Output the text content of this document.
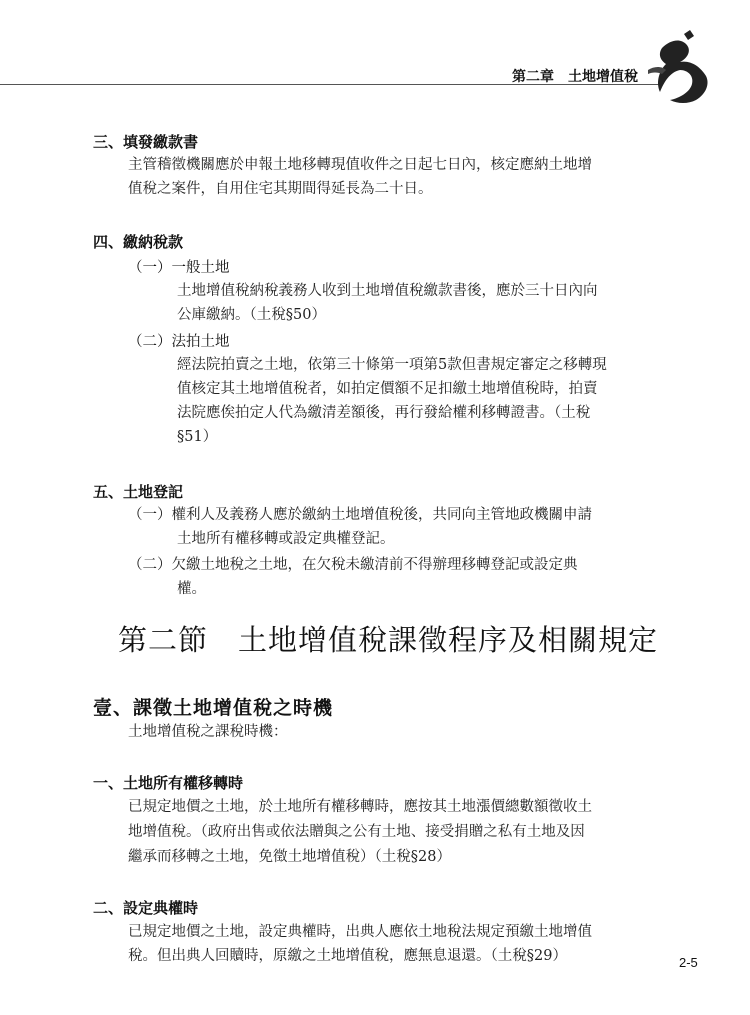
第二章　土地增值稅
三、填發繳款書
主管稽徵機關應於申報土地移轉現值收件之日起七日內，核定應納土地增
值稅之案件，自用住宅其期間得延長為二十日。
四、繳納稅款
（一）一般土地
土地增值稅納稅義務人收到土地增值稅繳款書後，應於三十日內向
公庫繳納。（土稅§50）
（二）法拍土地
經法院拍賣之土地，依第三十條第一項第5款但書規定審定之移轉現
值核定其土地增值稅者，如拍定價額不足扣繳土地增值稅時，拍賣
法院應俟拍定人代為繳清差額後，再行發給權利移轉證書。（土稅
§51）
五、土地登記
（一）權利人及義務人應於繳納土地增值稅後，共同向主管地政機關申請
土地所有權移轉或設定典權登記。
（二）欠繳土地稅之土地，在欠稅未繳清前不得辦理移轉登記或設定典
權。
第二節　土地增值稅課徵程序及相關規定
壹、課徵土地增值稅之時機
土地增值稅之課稅時機：
一、土地所有權移轉時
已規定地價之土地，於土地所有權移轉時，應按其土地漲價總數額徵收土
地增值稅。（政府出售或依法贈與之公有土地、接受捐贈之私有土地及因
繼承而移轉之土地，免徵土地增值稅）（土稅§28）
二、設定典權時
已規定地價之土地，設定典權時，出典人應依土地稅法規定預繳土地增值
稅。但出典人回贖時，原繳之土地增值稅，應無息退還。（土稅§29）	2-5
